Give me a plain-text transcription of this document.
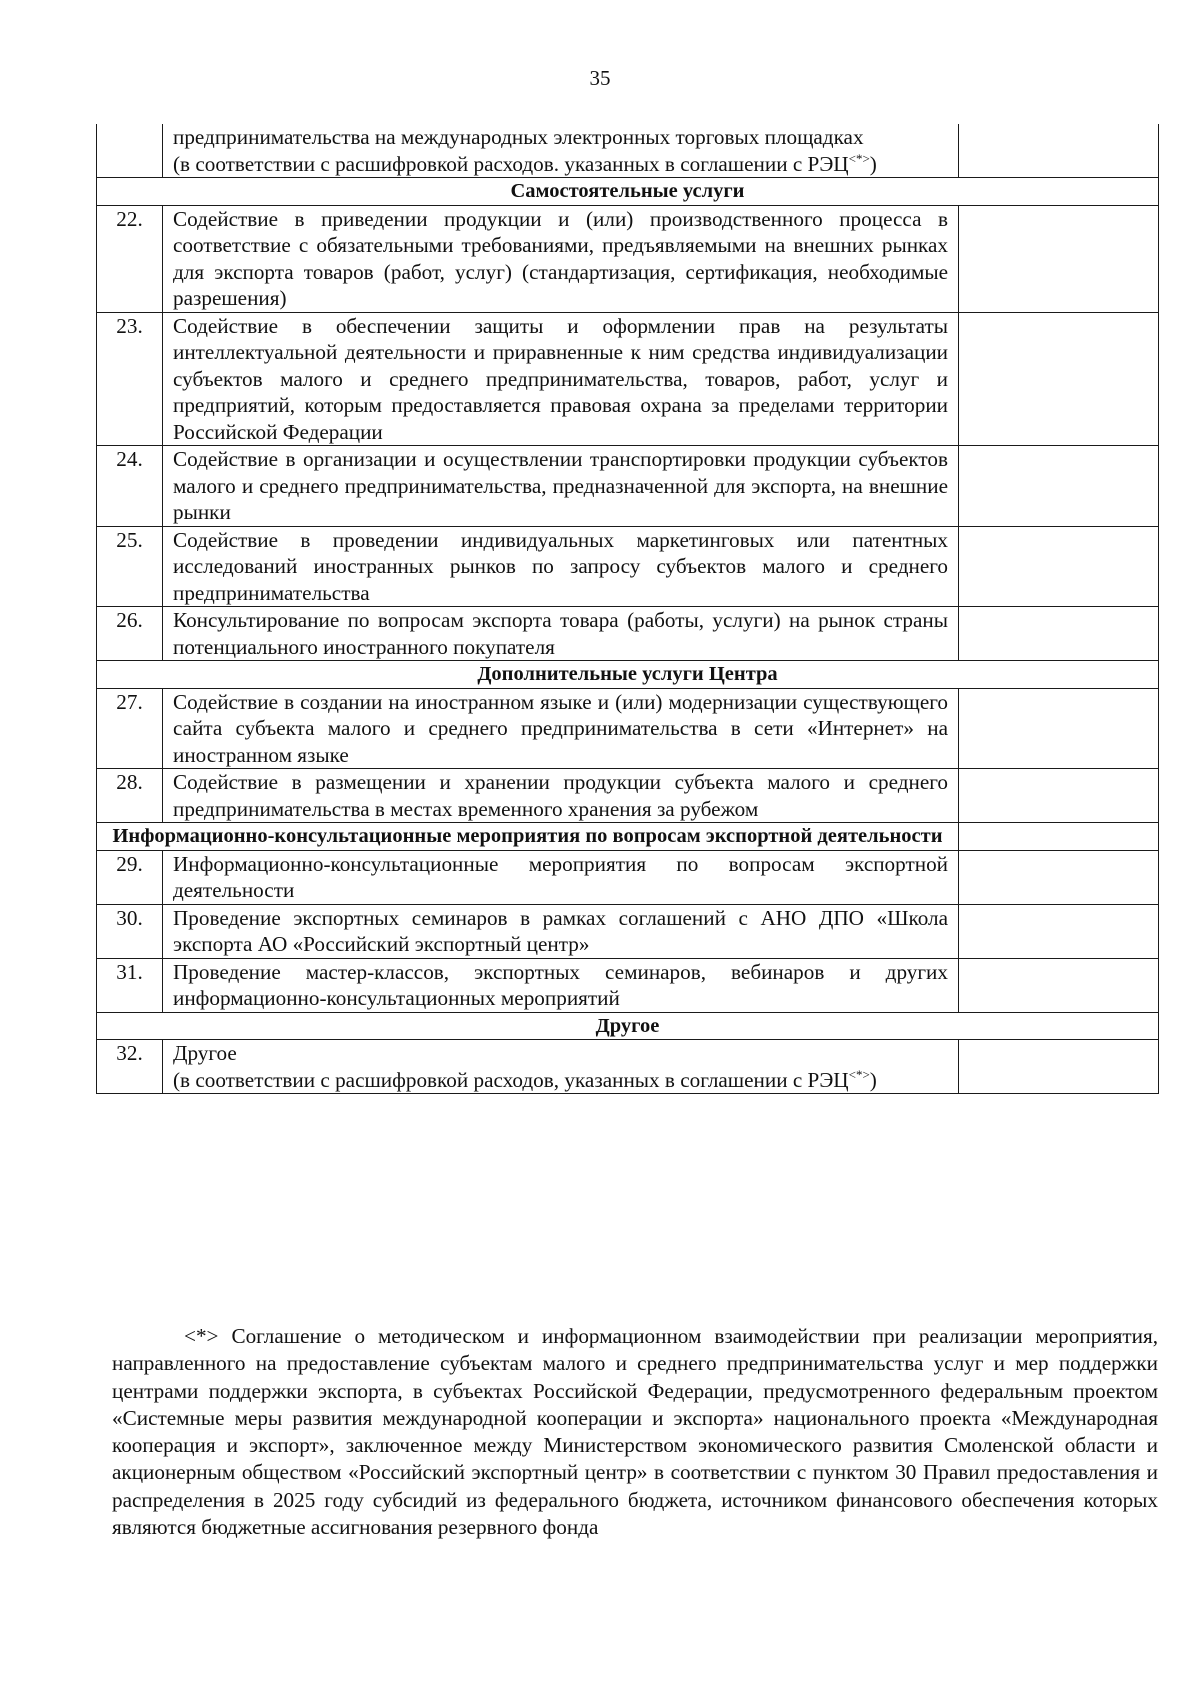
35

	предпринимательства на международных электронных торговых площадках
(в соответствии с расшифровкой расходов. указанных в соглашении с РЭЦ<*>)	

Самостоятельные услуги		
22.	Содействие в приведении продукции и (или) производственного процесса в соответствие с обязательными требованиями, предъявляемыми на внешних рынках для экспорта товаров (работ, услуг) (стандартизация, сертификация, необходимые разрешения)	
23.	Содействие в обеспечении защиты и оформлении прав на результаты интеллектуальной деятельности и приравненные к ним средства индивидуализации субъектов малого и среднего предпринимательства, товаров, работ, услуг и предприятий, которым предоставляется правовая охрана за пределами территории Российской Федерации	
24.	Содействие в организации и осуществлении транспортировки продукции субъектов малого и среднего предпринимательства, предназначенной для экспорта, на внешние рынки	
25.	Содействие в проведении индивидуальных маркетинговых или патентных исследований иностранных рынков по запросу субъектов малого и среднего предпринимательства	
26.	Консультирование по вопросам экспорта товара (работы, услуги) на рынок страны потенциального иностранного покупателя	
Дополнительные услуги Центра		
27.	Содействие в создании на иностранном языке и (или) модернизации существующего сайта субъекта малого и среднего предпринимательства в сети «Интернет» на иностранном языке	
28.	Содействие в размещении и хранении продукции субъекта малого и среднего предпринимательства в местах временного хранения за рубежом	
Информационно-консультационные мероприятия по вопросам экспортной деятельности		
29.	Информационно-консультационные мероприятия по вопросам экспортной деятельности	
30.	Проведение экспортных семинаров в рамках соглашений с АНО ДПО «Школа экспорта АО «Российский экспортный центр»	
31.	Проведение мастер-классов, экспортных семинаров, вебинаров и других информационно-консультационных мероприятий	
Другое		
32.	Другое
(в соответствии с расшифровкой расходов, указанных в соглашении с РЭЦ<*>)	

<*> Соглашение о методическом и информационном взаимодействии при реализации мероприятия, направленного на предоставление субъектам малого и среднего предпринимательства услуг и мер поддержки центрами поддержки экспорта, в субъектах Российской Федерации, предусмотренного федеральным проектом «Системные меры развития международной кооперации и экспорта» национального проекта «Международная кооперация и экспорт», заключенное между Министерством экономического развития Смоленской области и акционерным обществом «Российский экспортный центр» в соответствии с пунктом 30 Правил предоставления и распределения в 2025 году субсидий из федерального бюджета, источником финансового обеспечения которых являются бюджетные ассигнования резервного фонда
